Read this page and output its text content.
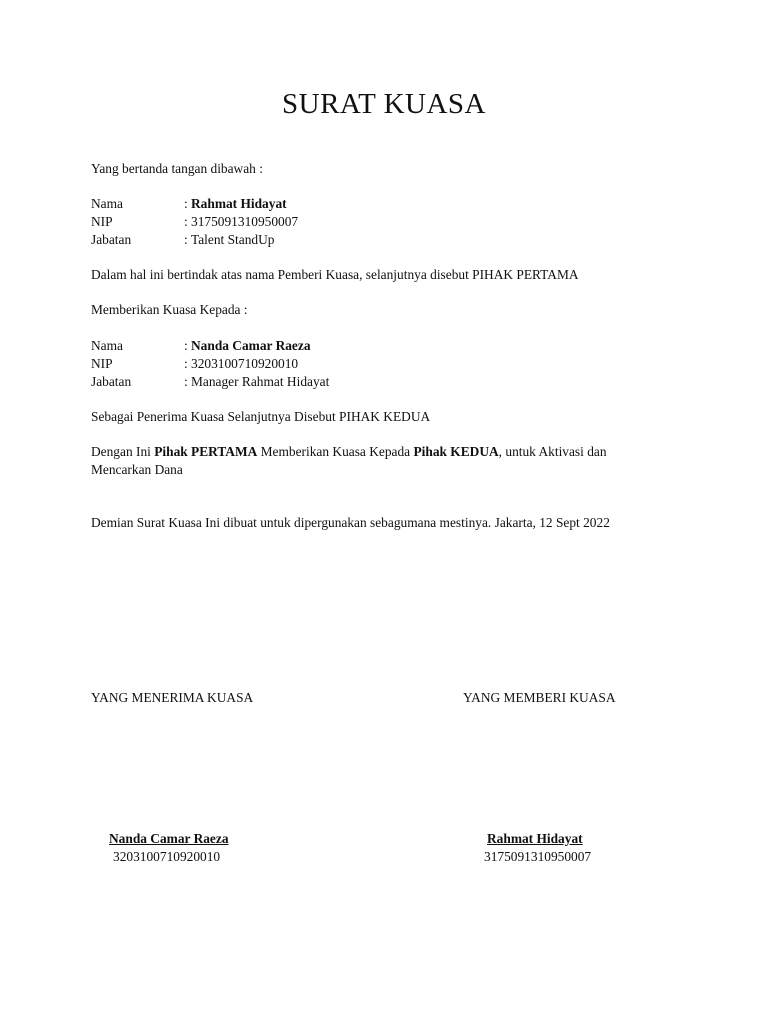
SURAT KUASA
Yang bertanda tangan dibawah :
Nama	: Rahmat Hidayat
NIP	: 3175091310950007
Jabatan	: Talent StandUp
Dalam hal ini bertindak atas nama Pemberi Kuasa, selanjutnya disebut PIHAK PERTAMA
Memberikan Kuasa Kepada :
Nama	: Nanda Camar Raeza
NIP	: 3203100710920010
Jabatan	: Manager Rahmat Hidayat
Sebagai Penerima Kuasa Selanjutnya Disebut PIHAK KEDUA
Dengan Ini Pihak PERTAMA Memberikan Kuasa Kepada Pihak KEDUA, untuk Aktivasi dan Mencarkan Dana
Demian Surat Kuasa Ini dibuat untuk dipergunakan sebagumana mestinya. Jakarta, 12 Sept 2022
YANG MENERIMA KUASA	YANG MEMBERI KUASA
Nanda Camar Raeza
3203100710920010
Rahmat Hidayat
3175091310950007
